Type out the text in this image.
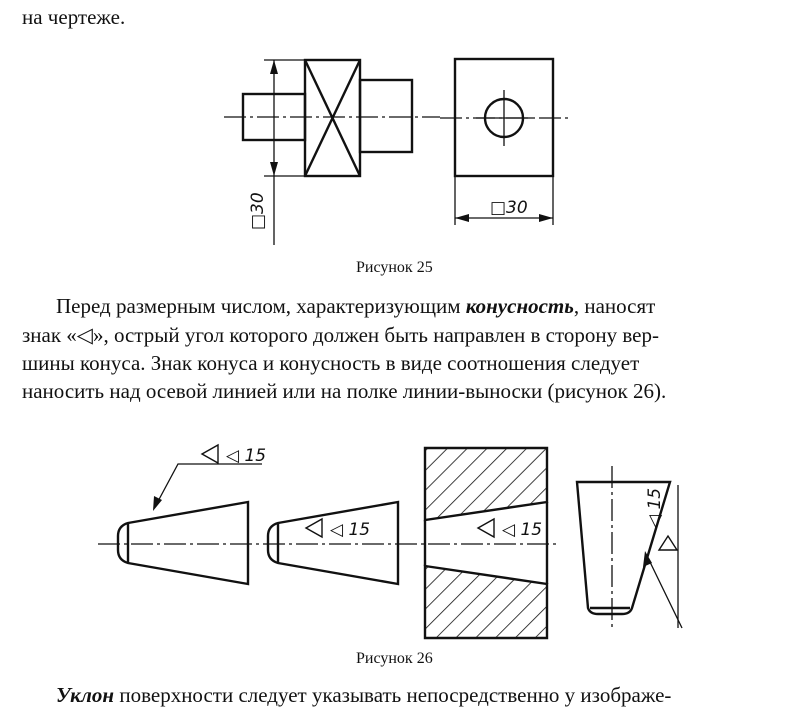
на чертеже.
□30	□30
Рисунок 25
Перед размерным числом, характеризующим конусность, наносят
знак «◁», острый угол которого должен быть направлен в сторону вер-
шины конуса. Знак конуса и конусность в виде соотношения следует
наносить над осевой линией или на полке линии-выноски (рисунок 26).
◁ 15
◁ 15	◁ 15
◁ 15
Рисунок 26
Уклон поверхности следует указывать непосредственно у изображе-
